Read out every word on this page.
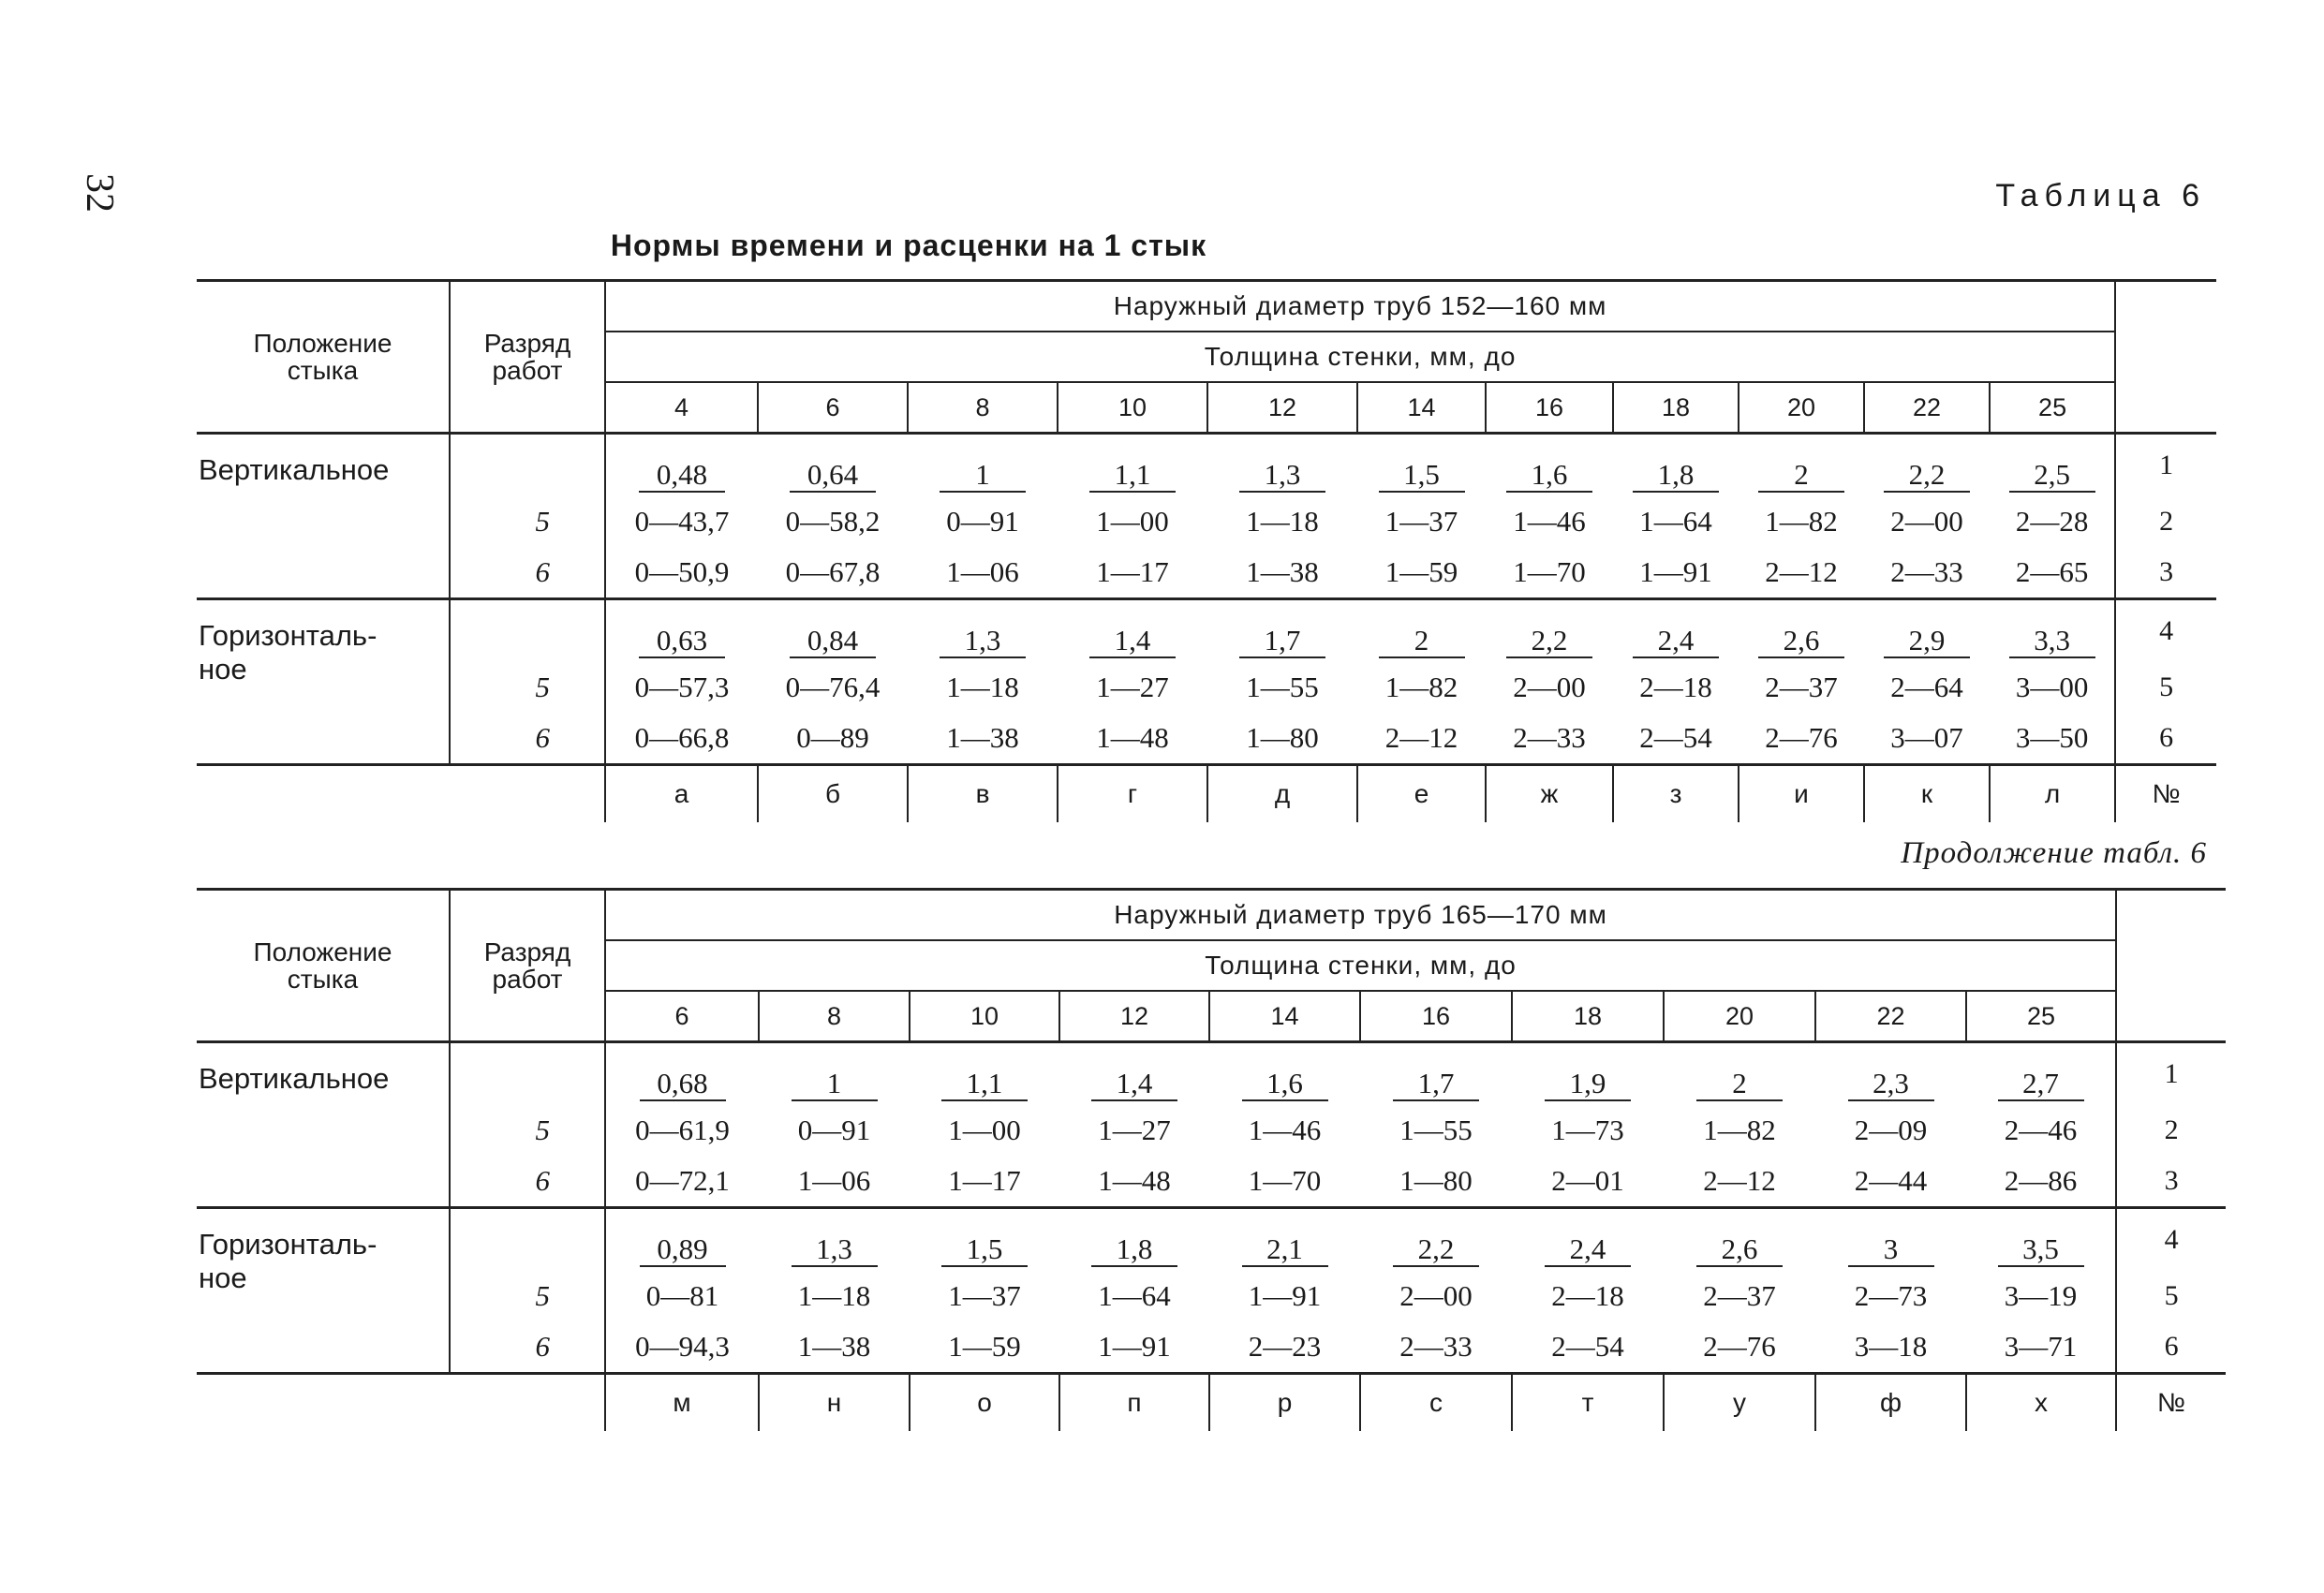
32	Таблица 6
Нормы времени и расценки на 1 стык
Продолжение табл. 6
Положение
стыка	Разряд
работ	Наружный диаметр труб 152—160 мм											
		Толщина стенки, мм, до											
		4	6	8	10	12	14	16	18	20	22	25	
Вертикальное		0,48	0,64	1	1,1	1,3	1,5	1,6	1,8	2	2,2	2,5	1
	5	0—43,7	0—58,2	0—91	1—00	1—18	1—37	1—46	1—64	1—82	2—00	2—28	2
	6	0—50,9	0—67,8	1—06	1—17	1—38	1—59	1—70	1—91	2—12	2—33	2—65	3
Горизонталь-
ное		0,63	0,84	1,3	1,4	1,7	2	2,2	2,4	2,6	2,9	3,3	4
	5	0—57,3	0—76,4	1—18	1—27	1—55	1—82	2—00	2—18	2—37	2—64	3—00	5
	6	0—66,8	0—89	1—38	1—48	1—80	2—12	2—33	2—54	2—76	3—07	3—50	6
		а	б	в	г	д	е	ж	з	и	к	л	№
Положение
стыка	Разряд
работ	Наружный диаметр труб 165—170 мм										
		Толщина стенки, мм, до										
		6	8	10	12	14	16	18	20	22	25	
Вертикальное		0,68	1	1,1	1,4	1,6	1,7	1,9	2	2,3	2,7	1
	5	0—61,9	0—91	1—00	1—27	1—46	1—55	1—73	1—82	2—09	2—46	2
	6	0—72,1	1—06	1—17	1—48	1—70	1—80	2—01	2—12	2—44	2—86	3
Горизонталь-
ное		0,89	1,3	1,5	1,8	2,1	2,2	2,4	2,6	3	3,5	4
	5	0—81	1—18	1—37	1—64	1—91	2—00	2—18	2—37	2—73	3—19	5
	6	0—94,3	1—38	1—59	1—91	2—23	2—33	2—54	2—76	3—18	3—71	6
		м	н	о	п	р	с	т	у	ф	х	№
